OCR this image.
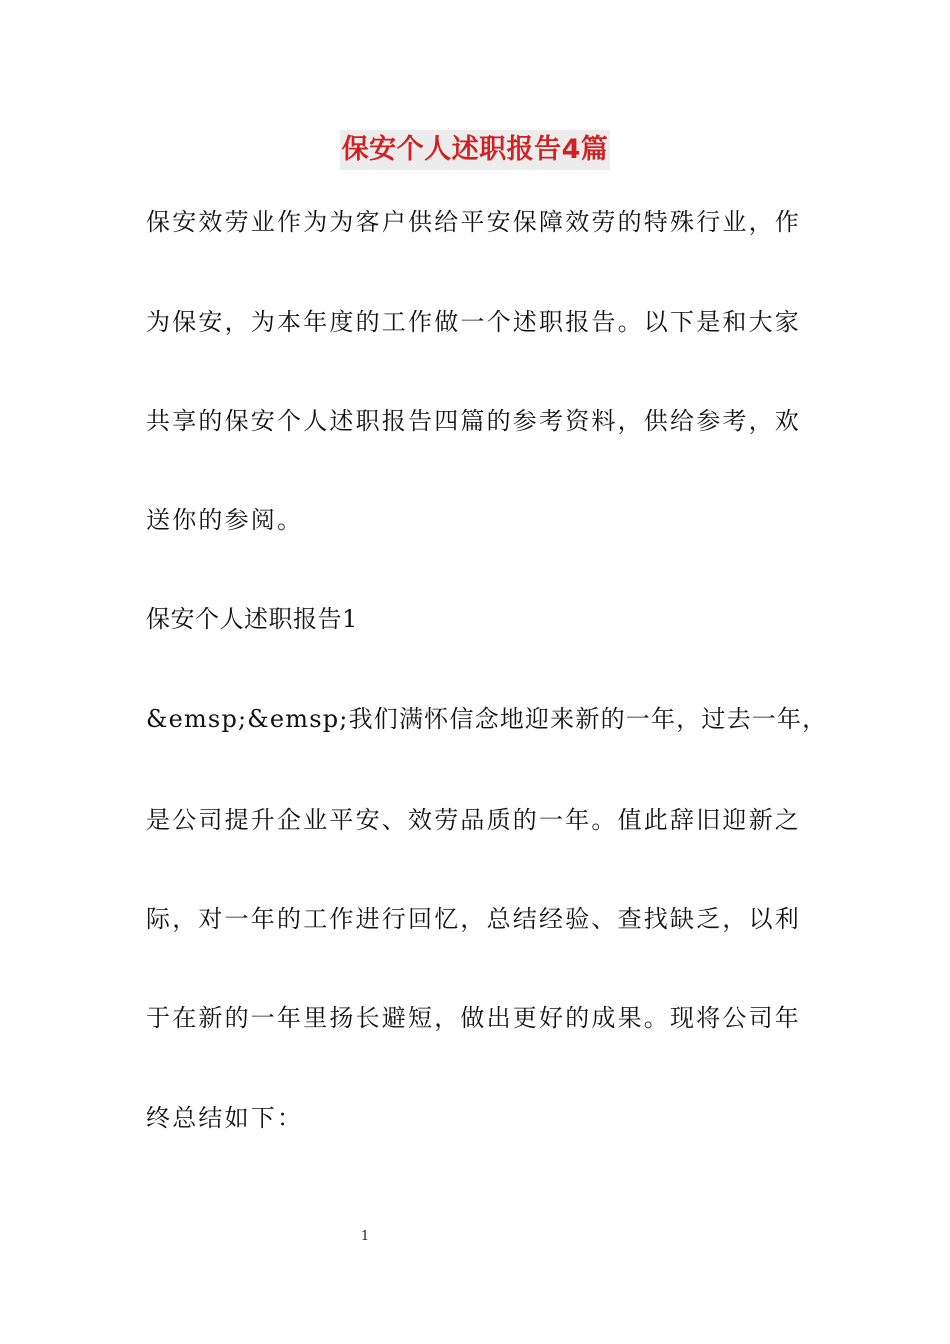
保安个人述职报告4篇
保安效劳业作为为客户供给平安保障效劳的特殊行业，作
为保安，为本年度的工作做一个述职报告。以下是和大家
共享的保安个人述职报告四篇的参考资料，供给参考，欢
送你的参阅。
保安个人述职报告1
&emsp;&emsp;我们满怀信念地迎来新的一年，过去一年，
是公司提升企业平安、效劳品质的一年。值此辞旧迎新之
际，对一年的工作进行回忆，总结经验、查找缺乏，以利
于在新的一年里扬长避短，做出更好的成果。现将公司年
终总结如下：
1
